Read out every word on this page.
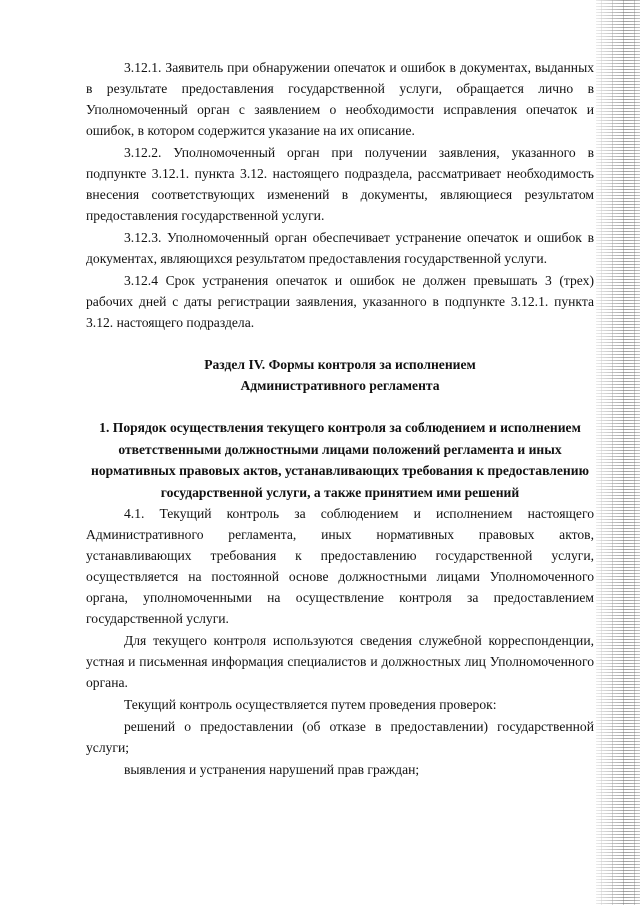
3.12.1. Заявитель при обнаружении опечаток и ошибок в документах, выданных в результате предоставления государственной услуги, обращается лично в Уполномоченный орган с заявлением о необходимости исправления опечаток и ошибок, в котором содержится указание на их описание.

3.12.2. Уполномоченный орган при получении заявления, указанного в подпункте 3.12.1. пункта 3.12. настоящего подраздела, рассматривает необходимость внесения соответствующих изменений в документы, являющиеся результатом предоставления государственной услуги.

3.12.3. Уполномоченный орган обеспечивает устранение опечаток и ошибок в документах, являющихся результатом предоставления государственной услуги.

3.12.4 Срок устранения опечаток и ошибок не должен превышать 3 (трех) рабочих дней с даты регистрации заявления, указанного в подпункте 3.12.1. пункта 3.12. настоящего подраздела.

Раздел IV. Формы контроля за исполнением
Административного регламента
1. Порядок осуществления текущего контроля за соблюдением и исполнением ответственными должностными лицами положений регламента и иных нормативных правовых актов, устанавливающих требования к предоставлению государственной услуги, а также принятием ими решений

4.1. Текущий контроль за соблюдением и исполнением настоящего Административного регламента, иных нормативных правовых актов, устанавливающих требования к предоставлению государственной услуги, осуществляется на постоянной основе должностными лицами Уполномоченного органа, уполномоченными на осуществление контроля за предоставлением государственной услуги.

Для текущего контроля используются сведения служебной корреспонденции, устная и письменная информация специалистов и должностных лиц Уполномоченного органа.

Текущий контроль осуществляется путем проведения проверок:

решений о предоставлении (об отказе в предоставлении) государственной услуги;

выявления и устранения нарушений прав граждан;
